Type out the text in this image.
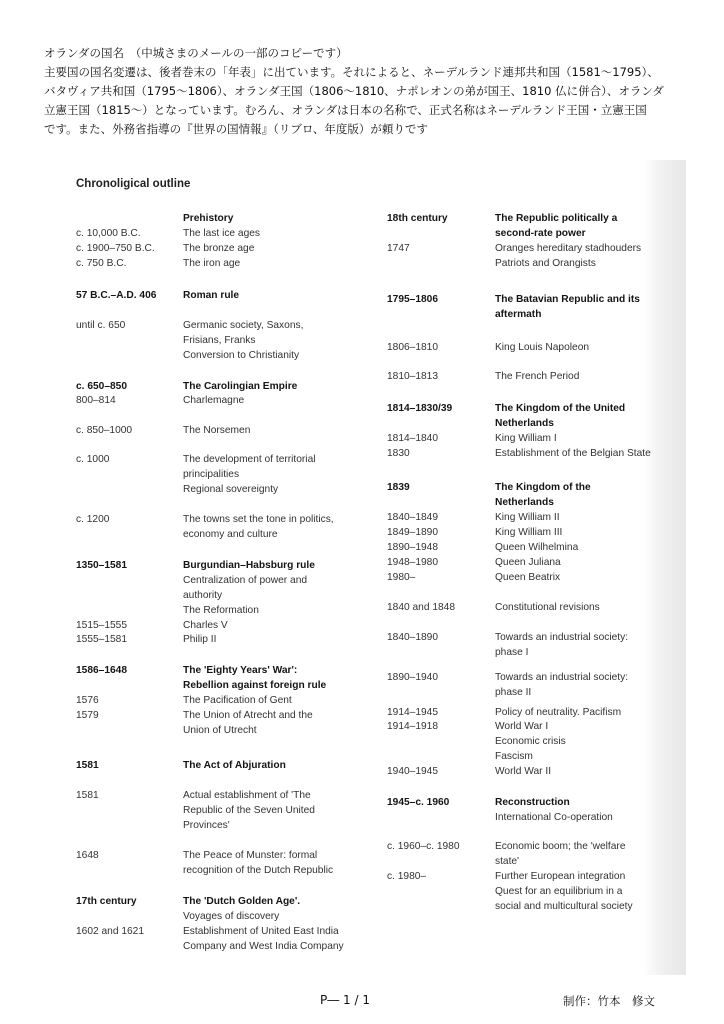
オランダの国名　（中城さまのメールの一部のコピーです）
主要国の国名変遷は、後者巻末の「年表」に出ています。それによると、ネーデルランド連邦共和国（1581〜1795）、
バタヴィア共和国（1795〜1806）、オランダ王国（1806〜1810、ナポレオンの弟が国王、1810 仏に併合）、オランダ
立憲王国（1815〜）となっています。むろん、オランダは日本の名称で、正式名称はネーデルランド王国・立憲王国
です。また、外務省指導の『世界の国情報』（リブロ、年度版）が頼りです
Chronoligical outline
Prehistory
c. 10,000 B.C.	The last ice ages
c. 1900–750 B.C.	The bronze age
c. 750 B.C.	The iron age
57 B.C.–A.D. 406	Roman rule
until c. 650	Germanic society, Saxons,
Frisians, Franks
Conversion to Christianity
c. 650–850	The Carolingian Empire
800–814	Charlemagne
c. 850–1000	The Norsemen
c. 1000	The development of territorial
principalities
Regional sovereignty
c. 1200	The towns set the tone in politics,
economy and culture
1350–1581	Burgundian–Habsburg rule
Centralization of power and
authority
The Reformation
1515–1555	Charles V
1555–1581	Philip II
1586–1648	The 'Eighty Years' War':
Rebellion against foreign rule
1576	The Pacification of Gent
1579	The Union of Atrecht and the
Union of Utrecht
1581	The Act of Abjuration
1581	Actual establishment of 'The
Republic of the Seven United
Provinces'
1648	The Peace of Munster: formal
recognition of the Dutch Republic
17th century	The 'Dutch Golden Age'.
Voyages of discovery
1602 and 1621	Establishment of United East India
Company and West India Company
18th century	The Republic politically a
second-rate power
1747	Oranges hereditary stadhouders
Patriots and Orangists
1795–1806	The Batavian Republic and its
aftermath
1806–1810	King Louis Napoleon
1810–1813	The French Period
1814–1830/39	The Kingdom of the United
Netherlands
1814–1840	King William I
1830	Establishment of the Belgian State
1839	The Kingdom of the
Netherlands
1840–1849	King William II
1849–1890	King William III
1890–1948	Queen Wilhelmina
1948–1980	Queen Juliana
1980–	Queen Beatrix
1840 and 1848	Constitutional revisions
1840–1890	Towards an industrial society:
phase I
1890–1940	Towards an industrial society:
phase II
1914–1945	Policy of neutrality. Pacifism
1914–1918	World War I
Economic crisis
Fascism
1940–1945	World War II
1945–c. 1960	Reconstruction
International Co-operation
c. 1960–c. 1980	Economic boom; the 'welfare
state'
c. 1980–	Further European integration
Quest for an equilibrium in a
social and multicultural society
P― 1 / 1	制作：竹本　修文
